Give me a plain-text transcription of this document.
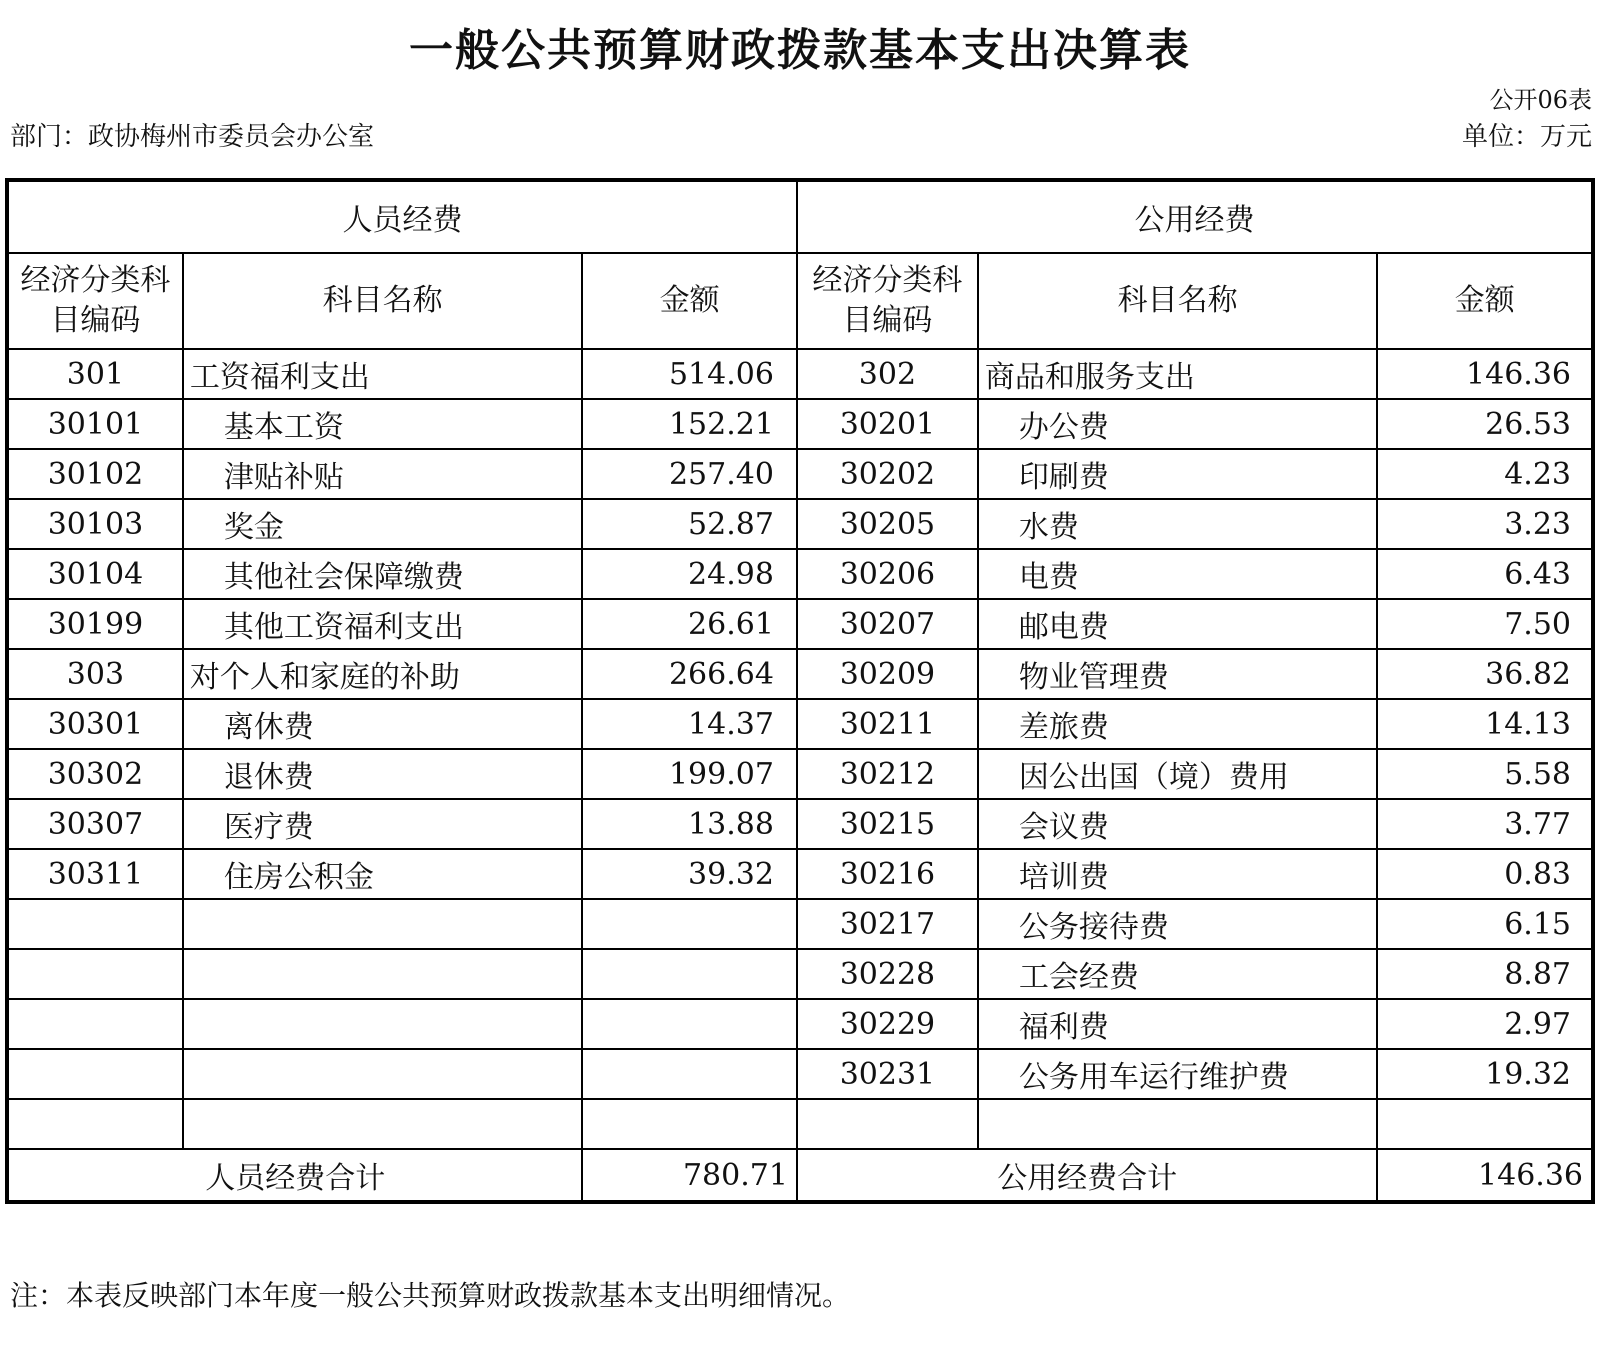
一般公共预算财政拨款基本支出决算表
公开06表
部门：政协梅州市委员会办公室	单位：万元
人员经费			公用经费		
经济分类科目编码	科目名称	金额	经济分类科目编码	科目名称	金额
301	工资福利支出	514.06	302	商品和服务支出	146.36
30101	基本工资	152.21	30201	办公费	26.53
30102	津贴补贴	257.40	30202	印刷费	4.23
30103	奖金	52.87	30205	水费	3.23
30104	其他社会保障缴费	24.98	30206	电费	6.43
30199	其他工资福利支出	26.61	30207	邮电费	7.50
303	对个人和家庭的补助	266.64	30209	物业管理费	36.82
30301	离休费	14.37	30211	差旅费	14.13
30302	退休费	199.07	30212	因公出国（境）费用	5.58
30307	医疗费	13.88	30215	会议费	3.77
30311	住房公积金	39.32	30216	培训费	0.83
			30217	公务接待费	6.15
			30228	工会经费	8.87
			30229	福利费	2.97
			30231	公务用车运行维护费	19.32

人员经费合计		780.71	公用经费合计		146.36
注：本表反映部门本年度一般公共预算财政拨款基本支出明细情况。
